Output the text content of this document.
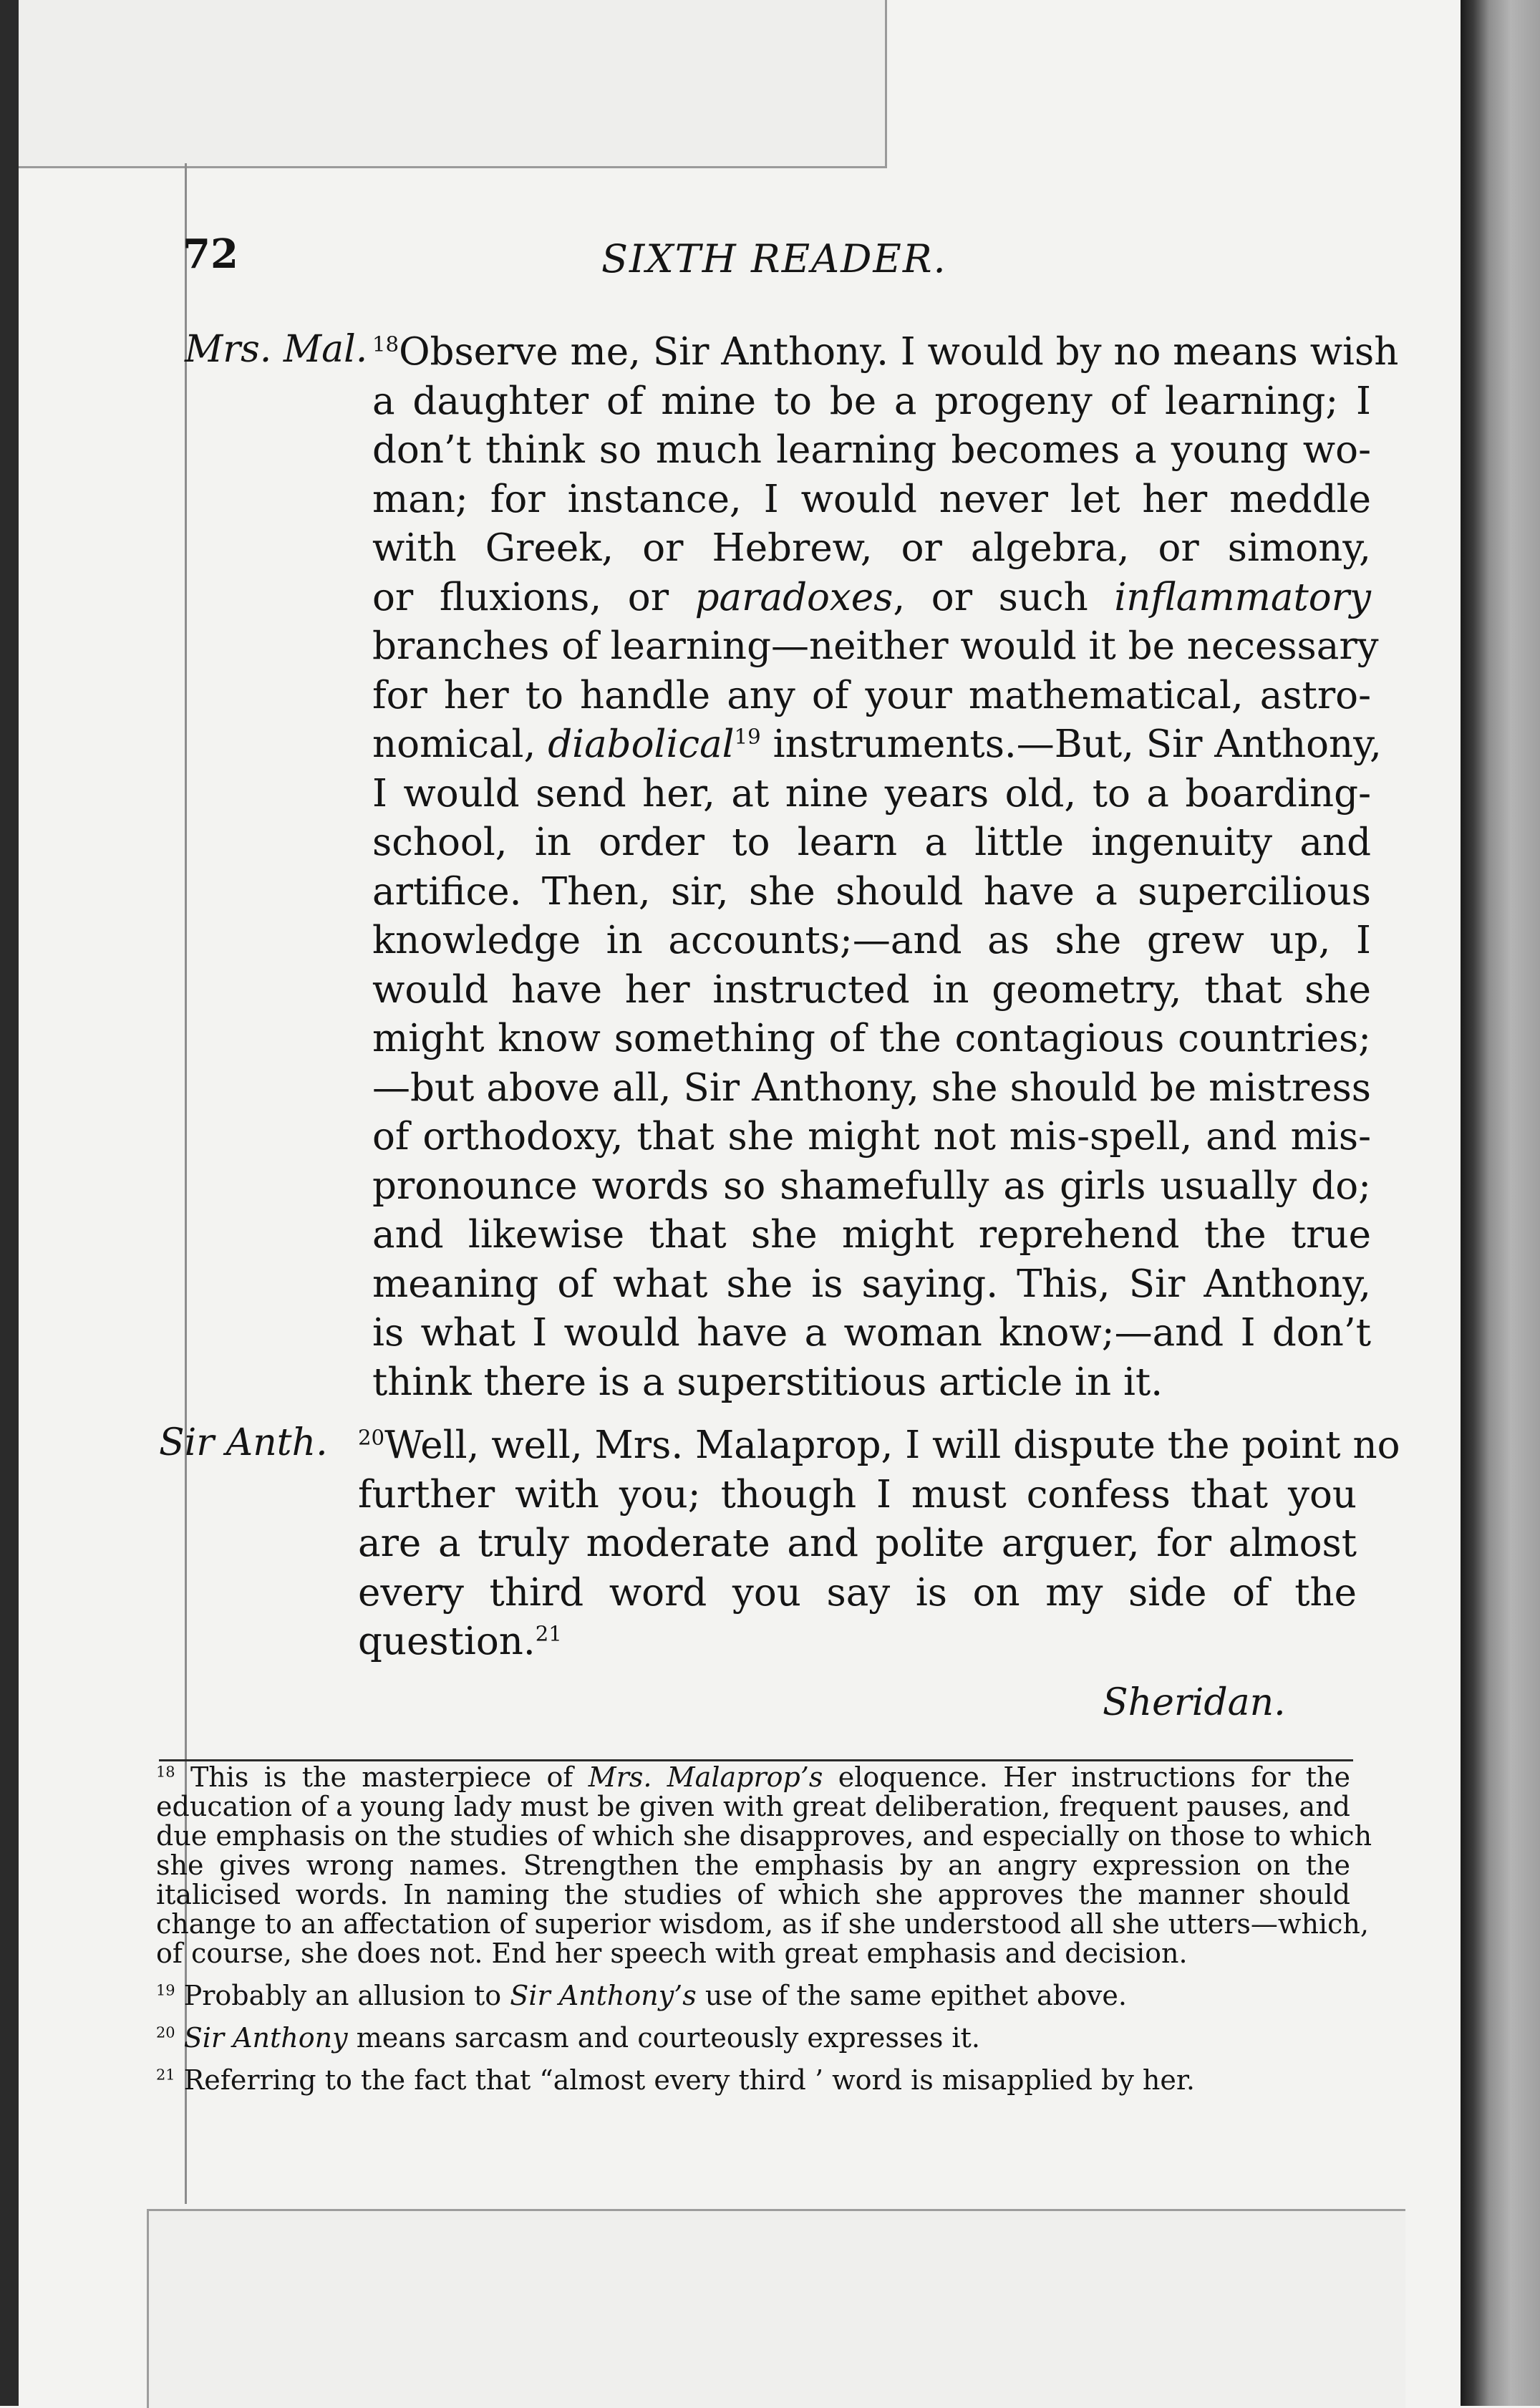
72	SIXTH READER.
Mrs. Mal. $^{18}$Observe me, Sir Anthony. I would by no means wish
a daughter of mine to be a progeny of learning; I
don’t think so much learning becomes a young wo-
man; for instance, I would never let her meddle
with Greek, or Hebrew, or algebra, or simony,
or fluxions, or paradoxes, or such inflammatory
branches of learning—neither would it be necessary
for her to handle any of your mathematical, astro-
nomical, diabolical$^{19}$ instruments.—But, Sir Anthony,
I would send her, at nine years old, to a boarding-
school, in order to learn a little ingenuity and
artifice. Then, sir, she should have a supercilious
knowledge in accounts;—and as she grew up, I
would have her instructed in geometry, that she
might know something of the contagious countries;
—but above all, Sir Anthony, she should be mistress
of orthodoxy, that she might not mis-spell, and mis-
pronounce words so shamefully as girls usually do;
and likewise that she might reprehend the true
meaning of what she is saying. This, Sir Anthony,
is what I would have a woman know;—and I don’t
think there is a superstitious article in it.
Sir Anth. $^{20}$Well, well, Mrs. Malaprop, I will dispute the point no
further with you; though I must confess that you
are a truly moderate and polite arguer, for almost
every third word you say is on my side of the
question.$^{21}$
Sheridan.
$^{18}$ This is the masterpiece of Mrs. Malaprop’s eloquence. Her instructions for the
education of a young lady must be given with great deliberation, frequent pauses, and
due emphasis on the studies of which she disapproves, and especially on those to which
she gives wrong names. Strengthen the emphasis by an angry expression on the
italicised words. In naming the studies of which she approves the manner should
change to an affectation of superior wisdom, as if she understood all she utters—which,
of course, she does not. End her speech with great emphasis and decision.
$^{19}$ Probably an allusion to Sir Anthony’s use of the same epithet above.
$^{20}$ Sir Anthony means sarcasm and courteously expresses it.
$^{21}$ Referring to the fact that “almost every third ’ word is misapplied by her.
